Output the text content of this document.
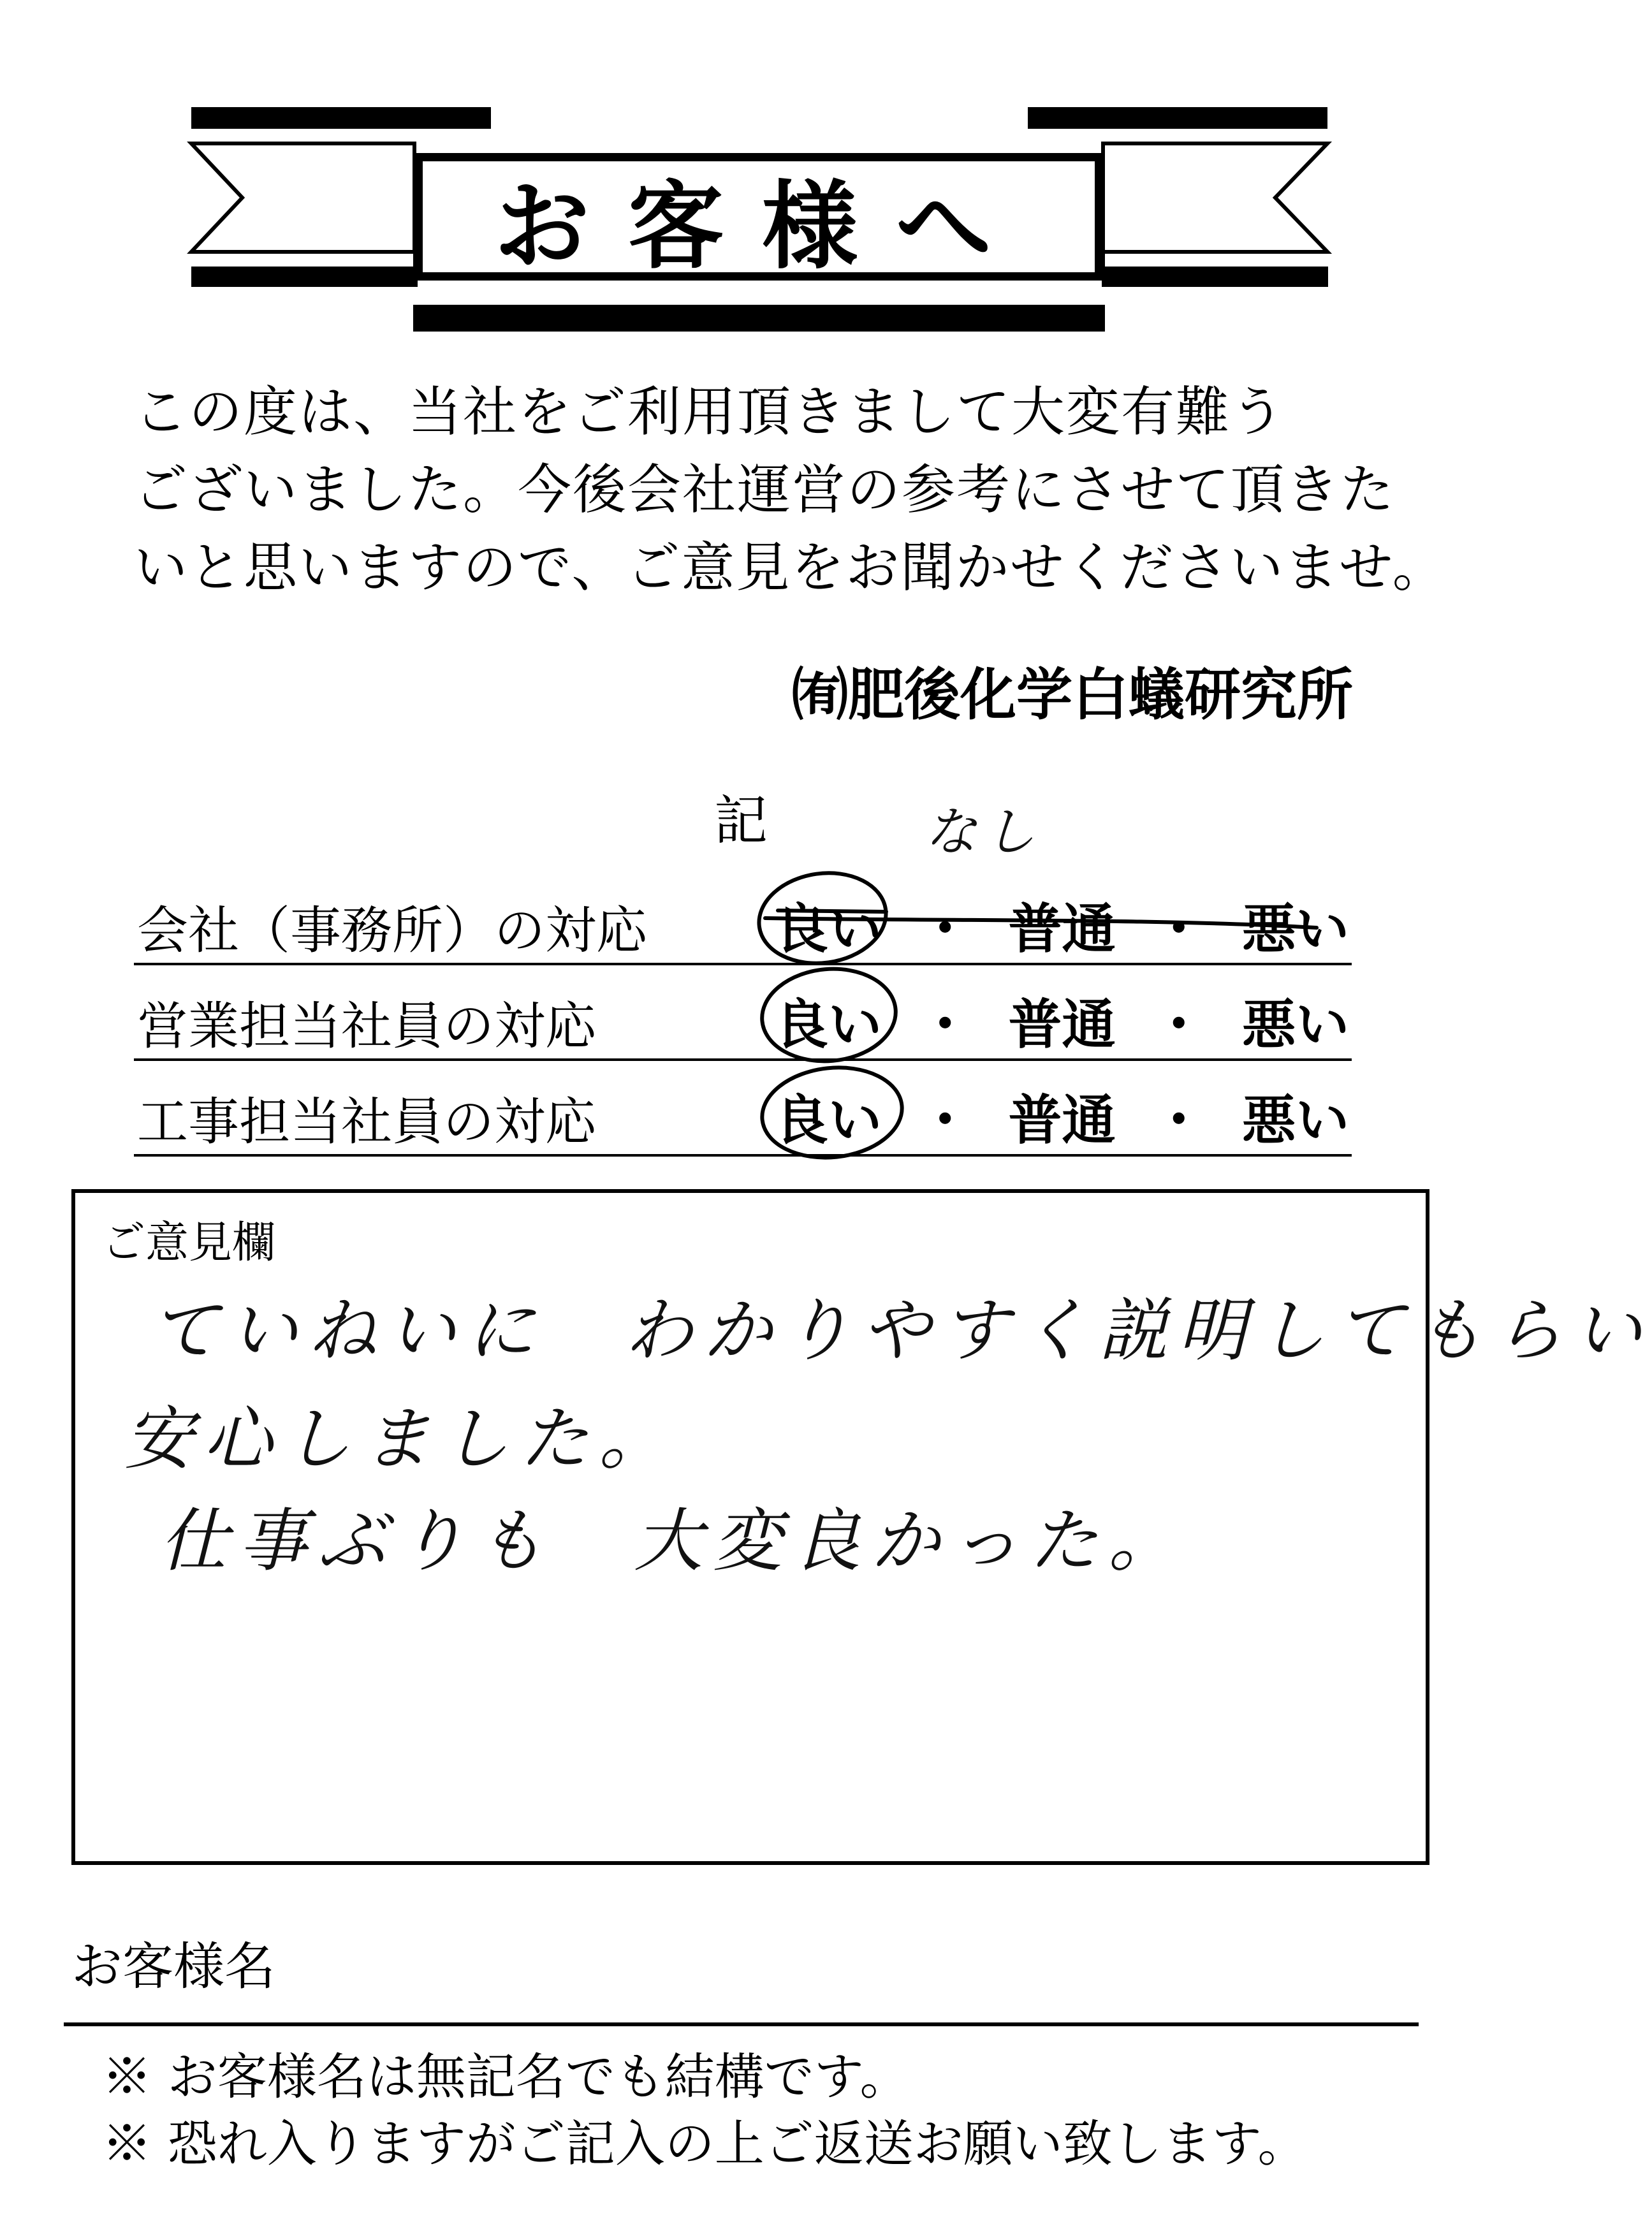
お客様へ
この度は、当社をご利用頂きまして大変有難う
ございました。今後会社運営の参考にさせて頂きた
いと思いますので、ご意見をお聞かせくださいませ。
㈲肥後化学白蟻研究所
記	なし
会社（事務所）の対応 良い ・ 普通 ・ 悪い
営業担当社員の対応	良い ・ 普通 ・ 悪い
工事担当社員の対応	良い ・ 普通 ・ 悪い
ご意見欄
ていねいに　わかりやすく説明してもらい
安心しました。
仕事ぶりも　大変良かった。
お客様名
※ お客様名は無記名でも結構です。
※ 恐れ入りますがご記入の上ご返送お願い致します。
